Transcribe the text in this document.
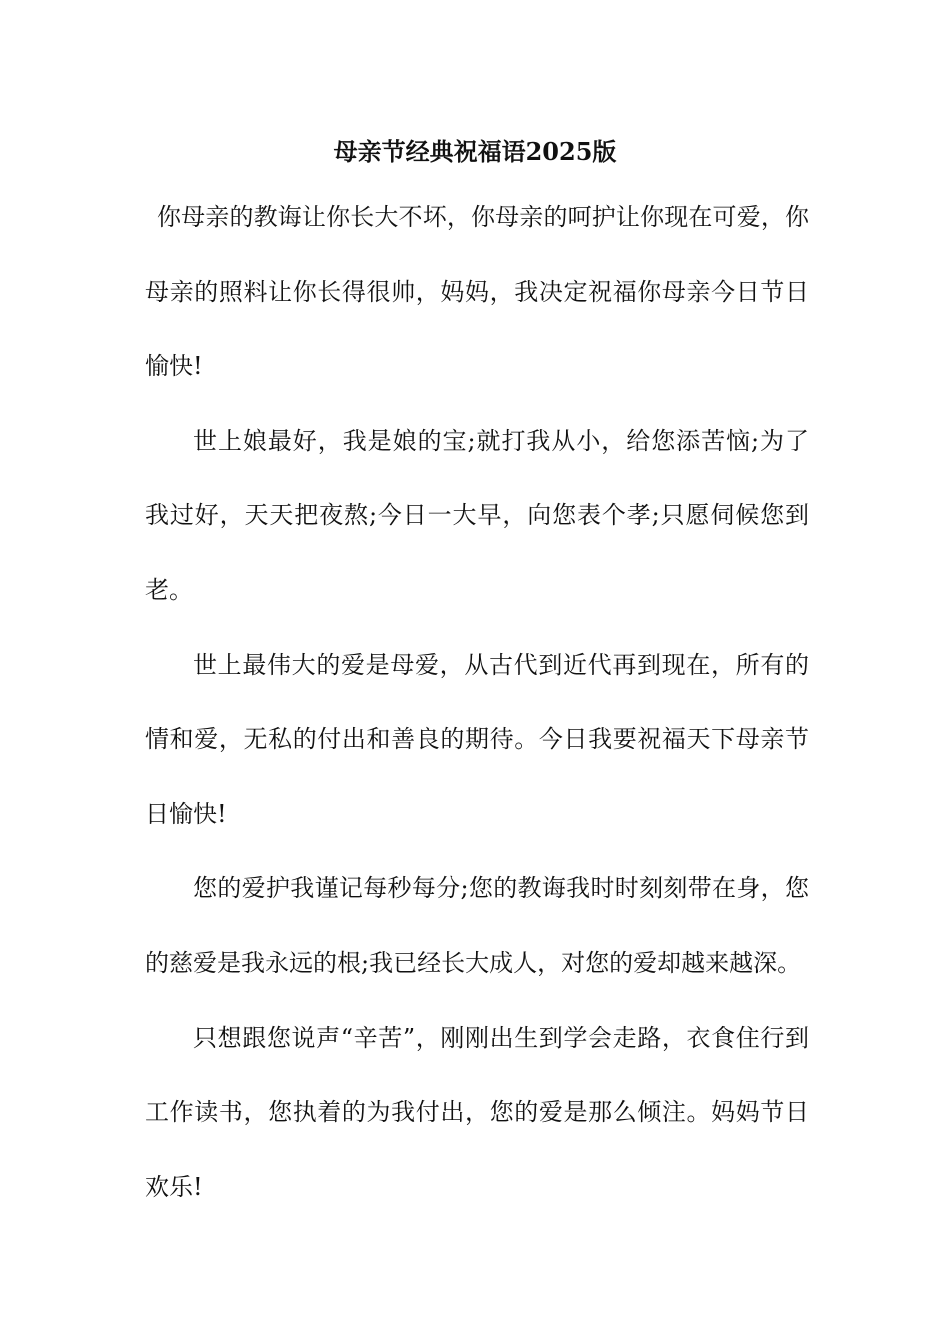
母亲节经典祝福语2025版

你母亲的教诲让你长大不坏，你母亲的呵护让你现在可爱，你母亲的照料让你长得很帅，妈妈，我决定祝福你母亲今日节日愉快!

世上娘最好，我是娘的宝;就打我从小，给您添苦恼;为了我过好，天天把夜熬;今日一大早，向您表个孝;只愿伺候您到老。

世上最伟大的爱是母爱，从古代到近代再到现在，所有的情和爱，无私的付出和善良的期待。今日我要祝福天下母亲节日愉快!

您的爱护我谨记每秒每分;您的教诲我时时刻刻带在身，您的慈爱是我永远的根;我已经长大成人，对您的爱却越来越深。

只想跟您说声“辛苦”，刚刚出生到学会走路，衣食住行到工作读书，您执着的为我付出，您的爱是那么倾注。妈妈节日欢乐!
